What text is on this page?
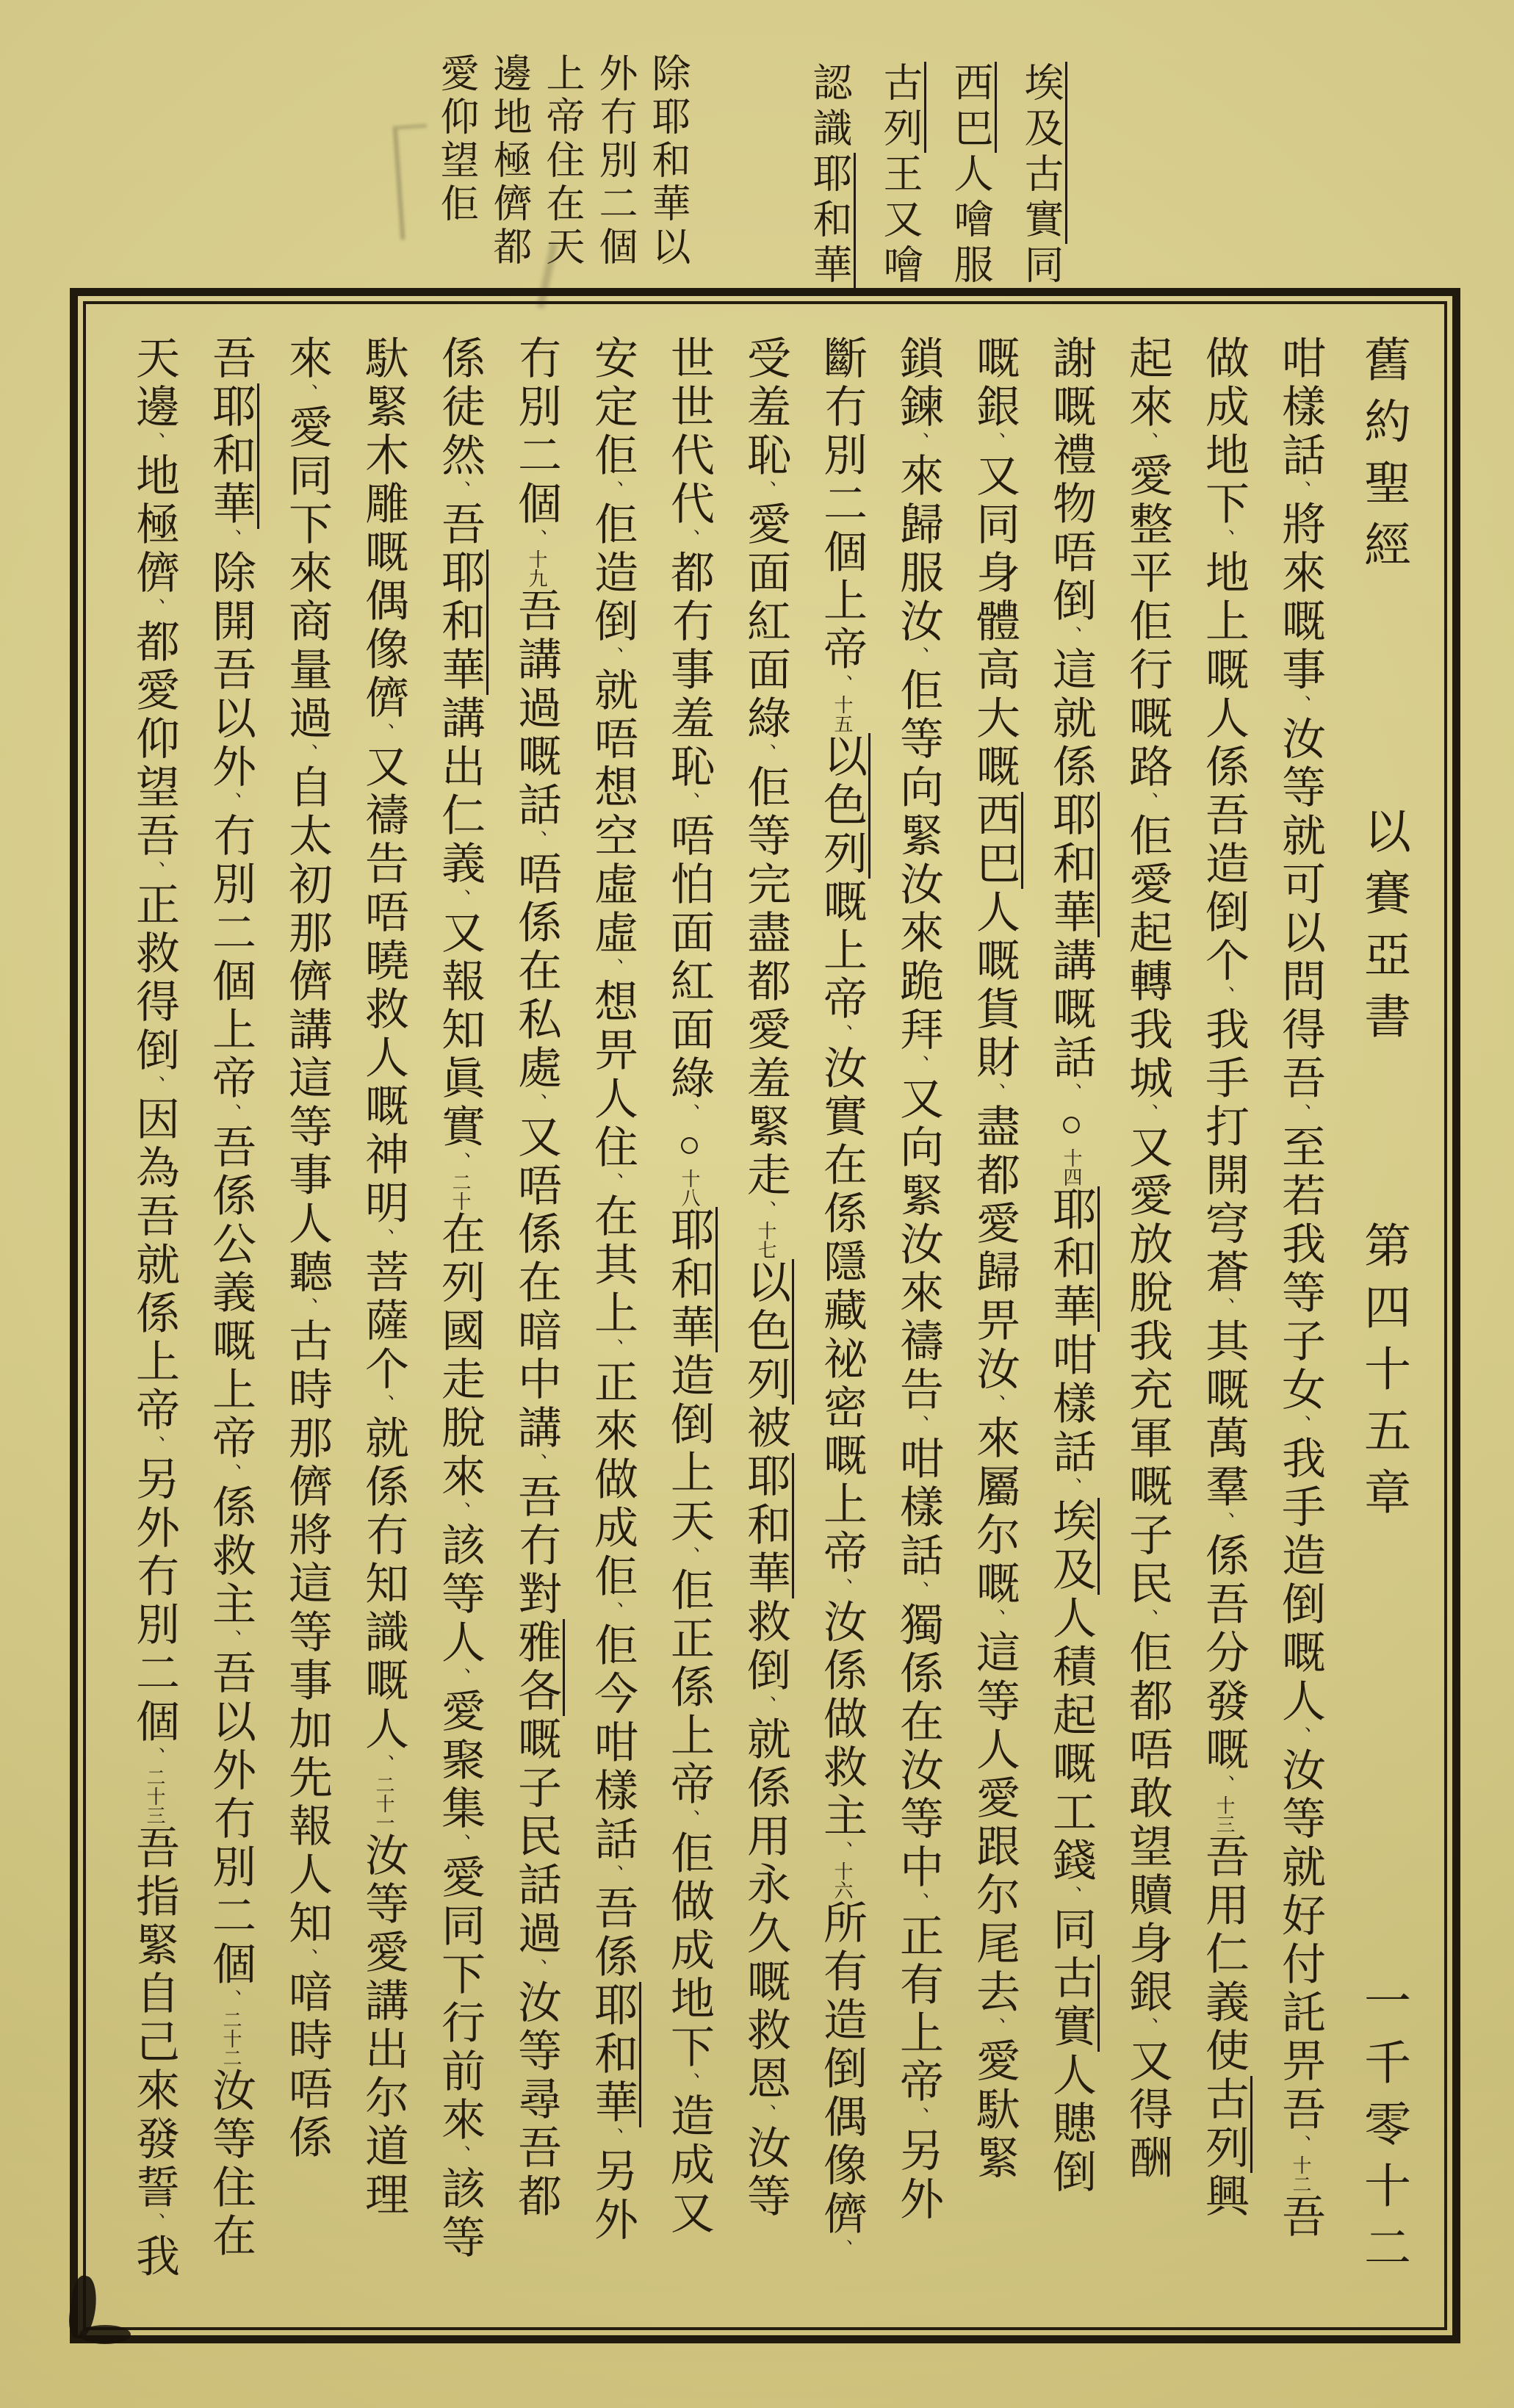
埃及古實同
西巴人噲服
古列王又噲
認識耶和華
除耶和華以
外冇別二個
上帝住在天
邊地極儕都
愛仰望佢
舊約聖經以賽亞書第四十五章一千零十二
咁樣話、將來嘅事、汝等就可以問得吾、至若我等子女、我手造倒嘅人、汝等就好付託畀吾、十二吾
做成地下、地上嘅人係吾造倒个、我手打開穹蒼、其嘅萬羣、係吾分發嘅、十三吾用仁義使古列興
起來、愛整平佢行嘅路、佢愛起轉我城、又愛放脫我充軍嘅子民、佢都唔敢望贖身銀、又得酬
謝嘅禮物唔倒、這就係耶和華講嘅話、○十四耶和華咁樣話、埃及人積起嘅工錢、同古實人贃倒
嘅銀、又同身體高大嘅西巴人嘅貨財、盡都愛歸畀汝、來屬尔嘅、這等人愛跟尔尾去、愛馱緊
鎖鍊、來歸服汝、佢等向緊汝來跪拜、又向緊汝來禱告、咁樣話、獨係在汝等中、正有上帝、另外
斷冇別二個上帝、十五以色列嘅上帝、汝實在係隱藏祕密嘅上帝、汝係做救主、十六所有造倒偶像儕、
受羞恥、愛面紅面綠、佢等完盡都愛羞緊走、十七以色列被耶和華救倒、就係用永久嘅救恩、汝等
世世代代、都冇事羞恥、唔怕面紅面綠、○十八耶和華造倒上天、佢正係上帝、佢做成地下、造成又
安定佢、佢造倒、就唔想空虛虛、想畀人住、在其上、正來做成佢、佢今咁樣話、吾係耶和華、另外
冇別二個、十九吾講過嘅話、唔係在私處、又唔係在暗中講、吾冇對雅各嘅子民話過、汝等尋吾都
係徒然、吾耶和華講出仁義、又報知眞實、二十在列國走脫來、該等人、愛聚集、愛同下行前來、該等
馱緊木雕嘅偶像儕、又禱告唔曉救人嘅神明、菩薩个、就係冇知識嘅人、二十一汝等愛講出尔道理
來、愛同下來商量過、自太初那儕講這等事人聽、古時那儕將這等事加先報人知、喑時唔係
吾耶和華、除開吾以外、冇別二個上帝、吾係公義嘅上帝、係救主、吾以外冇別二個、二十二汝等住在
天邊、地極儕、都愛仰望吾、正救得倒、因為吾就係上帝、另外冇別二個、二十三吾指緊自己來發誓、我
